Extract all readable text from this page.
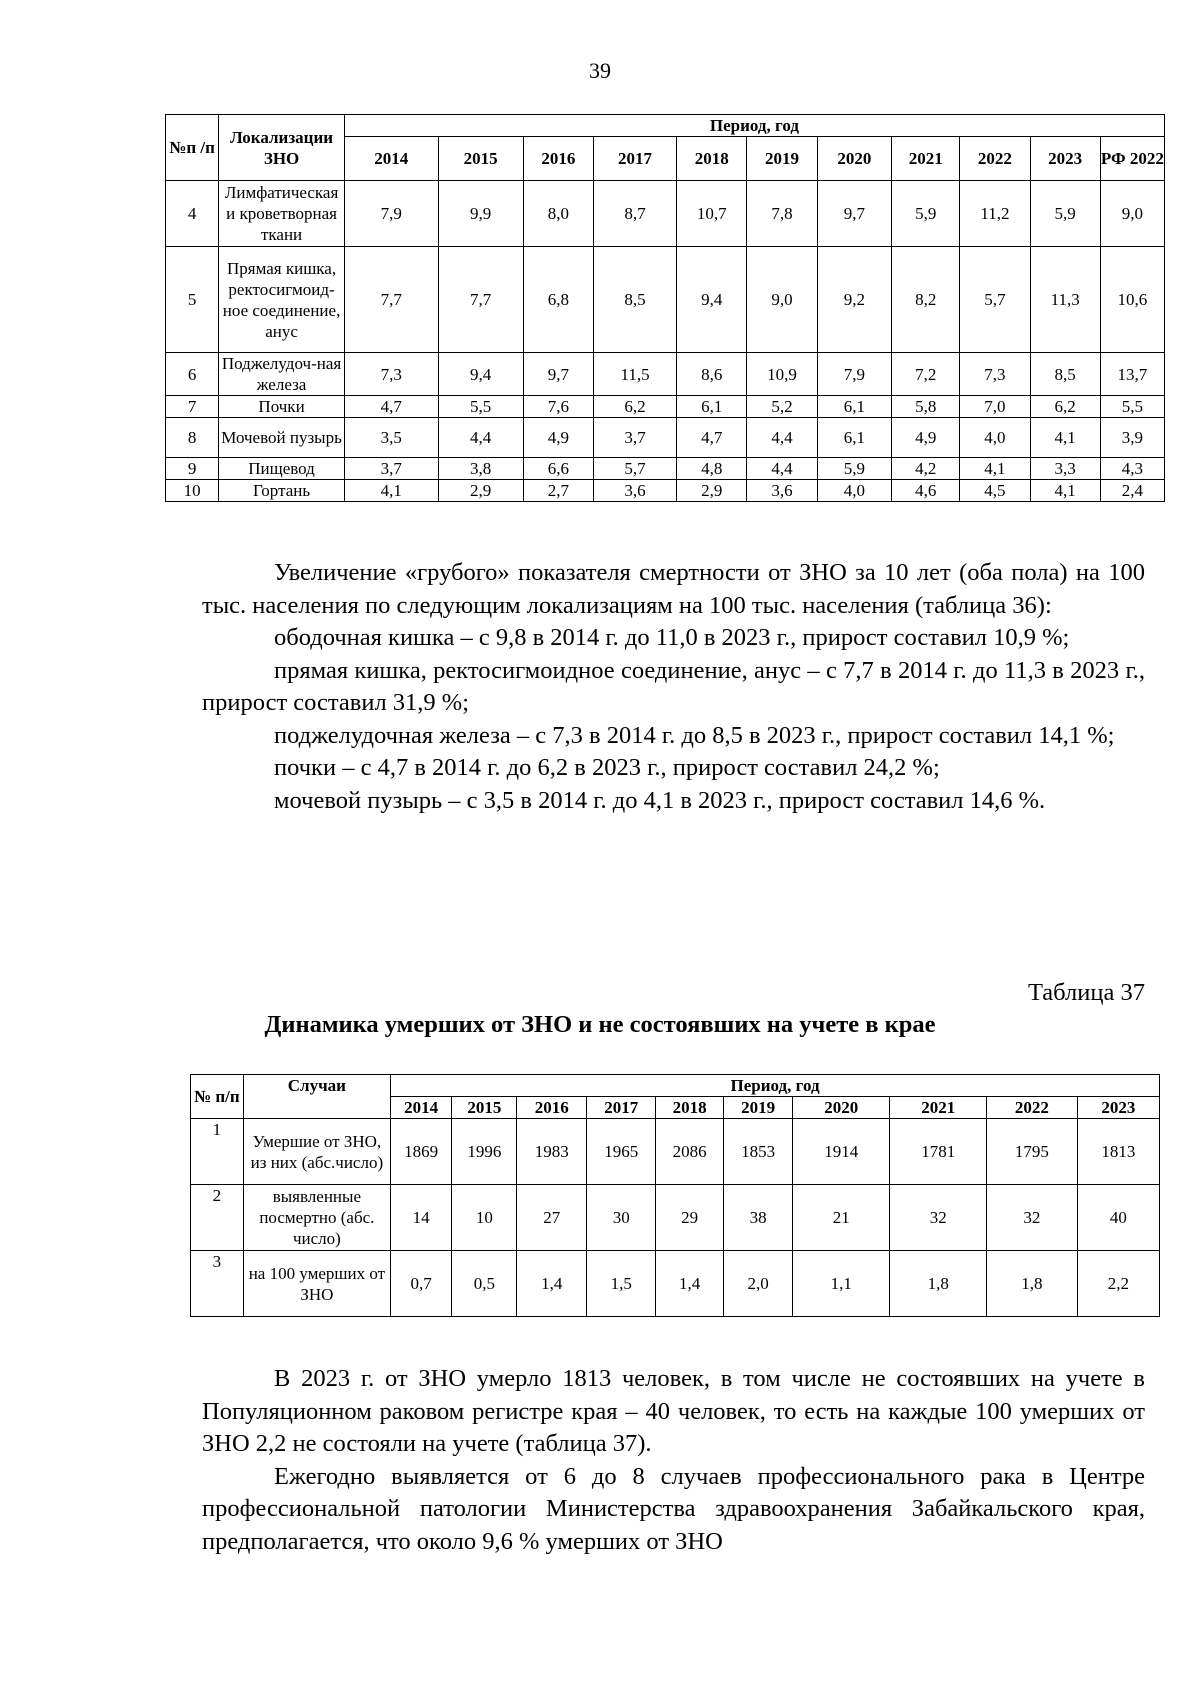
39
№п /п	Локализации ЗНО	Период, год										
		2014	2015	2016	2017	2018	2019	2020	2021	2022	2023	РФ 2022
4	Лимфатическая и кроветворная ткани	7,9	9,9	8,0	8,7	10,7	7,8	9,7	5,9	11,2	5,9	9,0
5	Прямая кишка, ректосигмоид-ное соединение, анус	7,7	7,7	6,8	8,5	9,4	9,0	9,2	8,2	5,7	11,3	10,6
6	Поджелудоч-ная железа	7,3	9,4	9,7	11,5	8,6	10,9	7,9	7,2	7,3	8,5	13,7
7	Почки	4,7	5,5	7,6	6,2	6,1	5,2	6,1	5,8	7,0	6,2	5,5
8	Мочевой пузырь	3,5	4,4	4,9	3,7	4,7	4,4	6,1	4,9	4,0	4,1	3,9
9	Пищевод	3,7	3,8	6,6	5,7	4,8	4,4	5,9	4,2	4,1	3,3	4,3
10	Гортань	4,1	2,9	2,7	3,6	2,9	3,6	4,0	4,6	4,5	4,1	2,4

Увеличение «грубого» показателя смертности от ЗНО за 10 лет (оба пола) на 100 тыс. населения по следующим локализациям на 100 тыс. населения (таблица 36):

ободочная кишка – с 9,8 в 2014 г. до 11,0 в 2023 г., прирост составил 10,9 %;

прямая кишка, ректосигмоидное соединение, анус – с 7,7 в 2014 г. до 11,3 в 2023 г., прирост составил 31,9 %;

поджелудочная железа – с 7,3 в 2014 г. до 8,5 в 2023 г., прирост составил 14,1 %;

почки – с 4,7 в 2014 г. до 6,2 в 2023 г., прирост составил 24,2 %;

мочевой пузырь – с 3,5 в 2014 г. до 4,1 в 2023 г., прирост составил 14,6 %.

Таблица 37
Динамика умерших от ЗНО и не состоявших на учете в крае
№ п/п	Случаи	Период, год									
		2014	2015	2016	2017	2018	2019	2020	2021	2022	2023
1	Умершие от ЗНО, из них (абс.число)	1869	1996	1983	1965	2086	1853	1914	1781	1795	1813
2	выявленные посмертно (абс. число)	14	10	27	30	29	38	21	32	32	40
3	на 100 умерших от ЗНО	0,7	0,5	1,4	1,5	1,4	2,0	1,1	1,8	1,8	2,2

В 2023 г. от ЗНО умерло 1813 человек, в том числе не состоявших на учете в Популяционном раковом регистре края – 40 человек, то есть на каждые 100 умерших от ЗНО 2,2 не состояли на учете (таблица 37).

Ежегодно выявляется от 6 до 8 случаев профессионального рака в Центре профессиональной патологии Министерства здравоохранения Забайкальского края, предполагается, что около 9,6 % умерших от ЗНО
